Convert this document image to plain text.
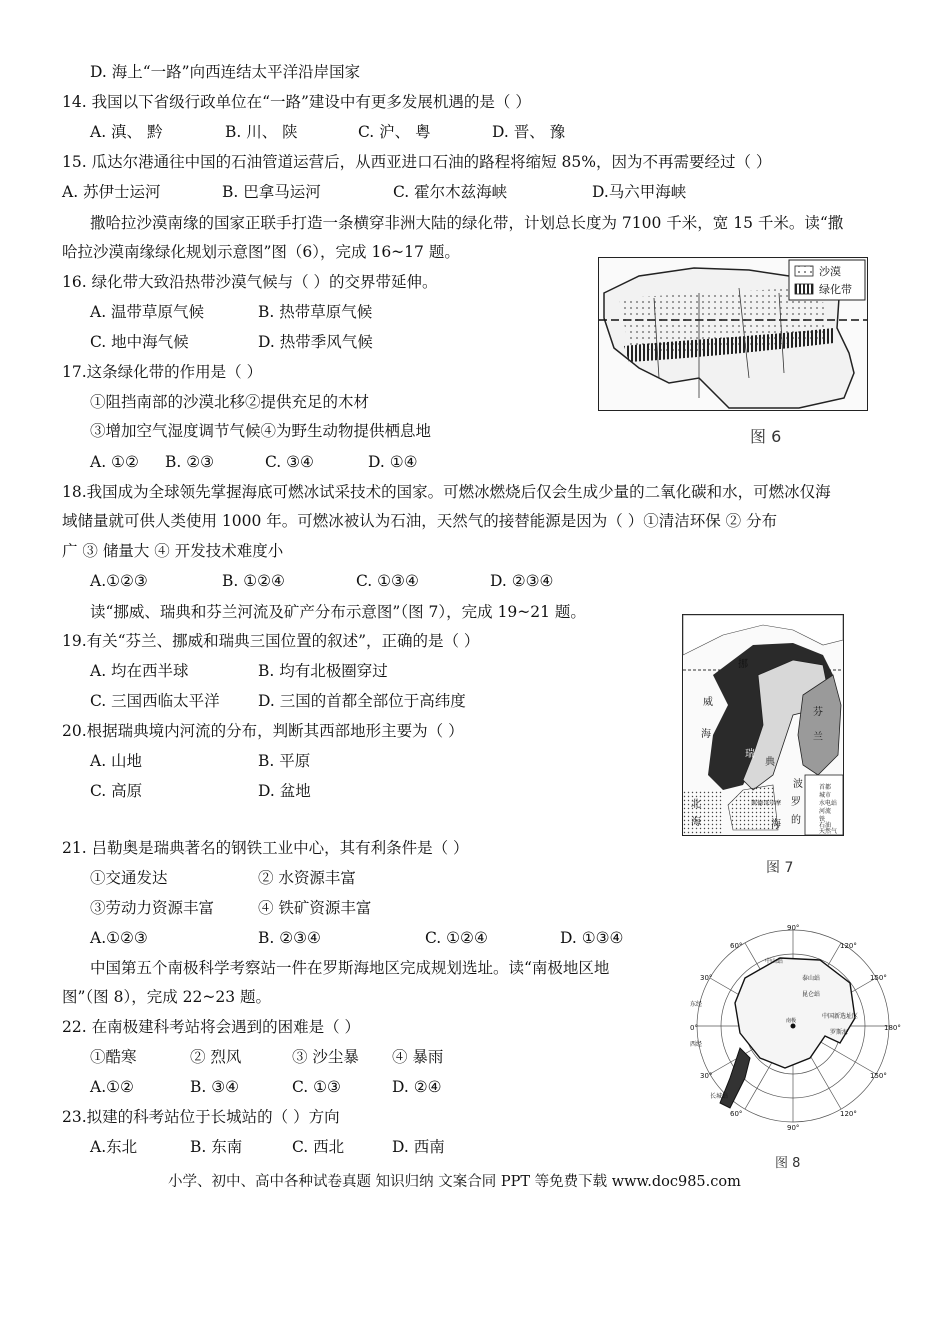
D. 海上“一路”向西连结太平洋沿岸国家
14. 我国以下省级行政单位在“一路”建设中有更多发展机遇的是（ ）
A. 滇、 黔	B. 川、 陕	C. 沪、 粤	D. 晋、 豫
15. 瓜达尔港通往中国的石油管道运营后，从西亚进口石油的路程将缩短 85%，因为不再需要经过（ ）
A. 苏伊士运河	B. 巴拿马运河	C. 霍尔木兹海峡	D.马六甲海峡
撒哈拉沙漠南缘的国家正联手打造一条横穿非洲大陆的绿化带，计划总长度为 7100 千米，宽 15 千米。读“撒
哈拉沙漠南缘绿化规划示意图”图（6），完成 16~17 题。
16. 绿化带大致沿热带沙漠气候与（ ）的交界带延伸。
A. 温带草原气候	B. 热带草原气候
C. 地中海气候	D. 热带季风气候
17.这条绿化带的作用是（ ）
①阻挡南部的沙漠北移②提供充足的木材
③增加空气湿度调节气候④为野生动物提供栖息地
A. ①② B. ②③	C. ③④	D. ①④
沙漠
绿化带
图 6
18.我国成为全球领先掌握海底可燃冰试采技术的国家。可燃冰燃烧后仅会生成少量的二氧化碳和水，可燃冰仅海
域储量就可供人类使用 1000 年。可燃冰被认为石油，天然气的接替能源是因为（ ）①清洁环保 ② 分布
广 ③ 储量大 ④ 开发技术难度小
A.①②③	B. ①②④	C. ①③④	D. ②③④
读“挪威、瑞典和芬兰河流及矿产分布示意图”（图 7），完成 19~21 题。
19.有关“芬兰、挪威和瑞典三国位置的叙述”，正确的是（ ）
A. 均在西半球	B. 均有北极圈穿过
C. 三国西临太平洋 D. 三国的首都全部位于高纬度
20.根据瑞典境内河流的分布，判断其西部地形主要为（ ）
A. 山地	B. 平原
C. 高原	D. 盆地
挪
威
海
瑞
典
北
海
波
罗
的
海
芬
兰
斯德哥尔摩
首都
城市
水电站
河流
铁
石油
天然气
图 7
21. 吕勒奥是瑞典著名的钢铁工业中心，其有利条件是（ ）
①交通发达	② 水资源丰富
③劳动力资源丰富	④ 铁矿资源丰富
A.①②③	B. ②③④	C. ①②④	D. ①③④
中国第五个南极科学考察站一件在罗斯海地区完成规划选址。读“南极地区地
图”（图 8），完成 22~23 题。
22. 在南极建科考站将会遇到的困难是（ ）
①酷寒	② 烈风	③ 沙尘暴 ④ 暴雨
A.①②	B. ③④	C. ①③	D. ②④
23.拟建的科考站位于长城站的（ ）方向
A.东北	B. 东南	C. 西北	D. 西南
90°
60°
30°
0°
30°
60°
90°
120°
150°
180°
150°
120°
东经
西经
中国新选址区
罗斯海
中山站
泰山站
昆仑站
长城站
南极
图 8
小学、初中、高中各种试卷真题 知识归纳 文案合同 PPT 等免费下载 www.doc985.com
